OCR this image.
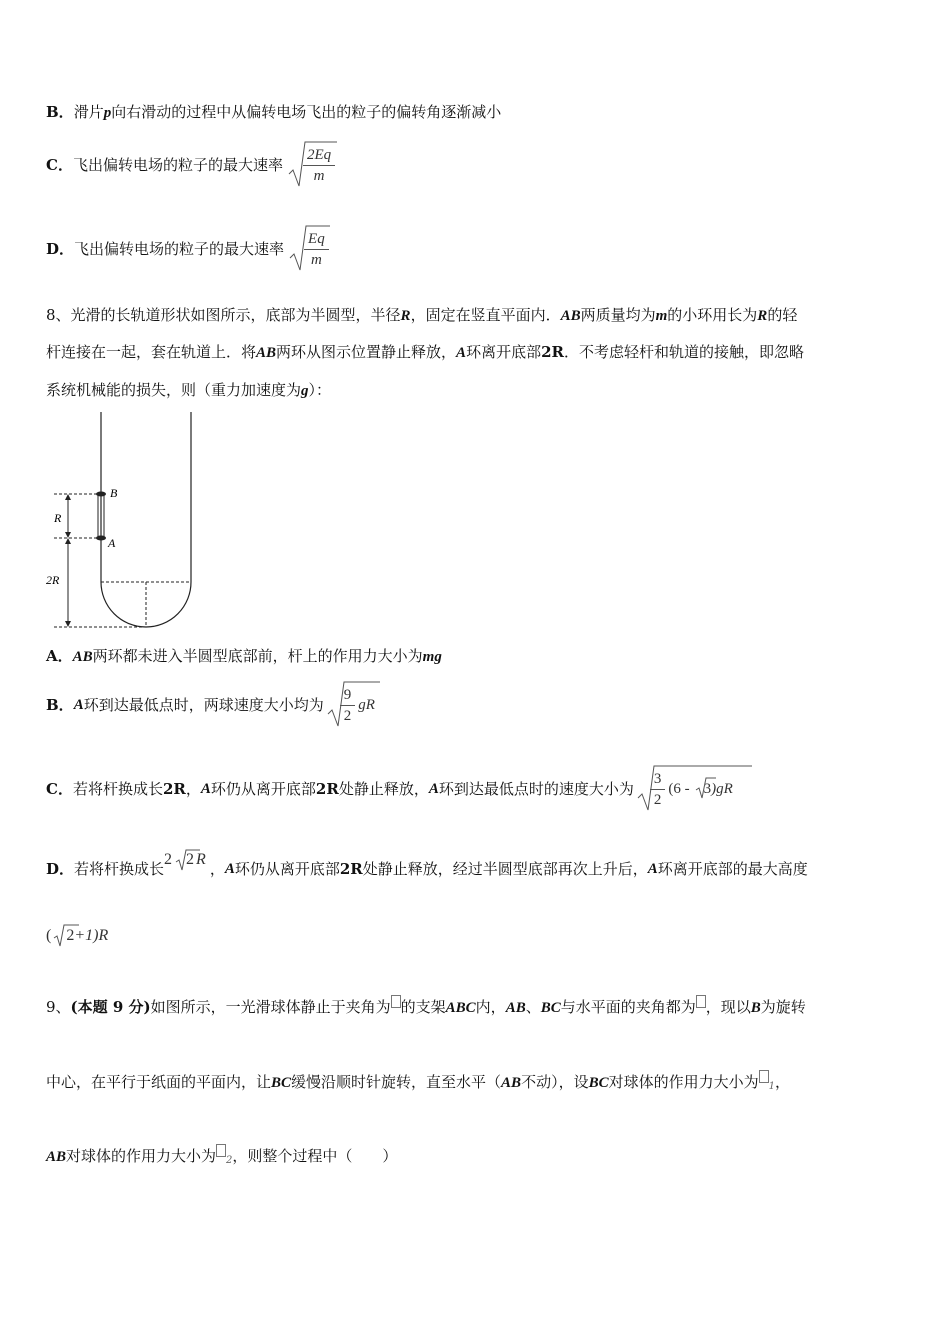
B．滑片p向右滑动的过程中从偏转电场飞出的粒子的偏转角逐渐减小
C． 飞出偏转电场的粒子的最大速率 $\frac{2Eq}{m}$
D． 飞出偏转电场的粒子的最大速率 $\frac{Eq}{m}$
8、光滑的长轨道形状如图所示，底部为半圆型，半径R，固定在竖直平面内．AB两质量均为m的小环用长为R的轻
杆连接在一起，套在轨道上．将AB两环从图示位置静止释放，A环离开底部2R．不考虑轻杆和轨道的接触，即忽略
系统机械能的损失，则（重力加速度为g）：
B
A
R
2R
A．AB两环都未进入半圆型底部前，杆上的作用力大小为mg
B． A 环到达最低点时，两球速度大小均为 $\frac{9}{2}$ gR
C． 若将杆换成长 2R ， A 环仍从离开底部 2R 处静止释放， A 环到达最低点时的速度大小为 $\frac{3}{2} (6 - 3$ )gR
D． 若将杆换成长
2 2 R
， A 环仍从离开底部 2R 处静止释放，经过半圆型底部再次上升后， A 环离开底部的最大高度
( 2 +1)R
9、(本题 9 分)如图所示，一光滑球体静止于夹角为 的支架ABC内，AB、BC与水平面的夹角都为 ，现以B为旋转
中心，在平行于纸面的平面内，让BC缓慢沿顺时针旋转，直至水平（AB不动），设BC对球体的作用力大小为 $_1$，
AB对球体的作用力大小为 $_2$，则整个过程中（　　）
